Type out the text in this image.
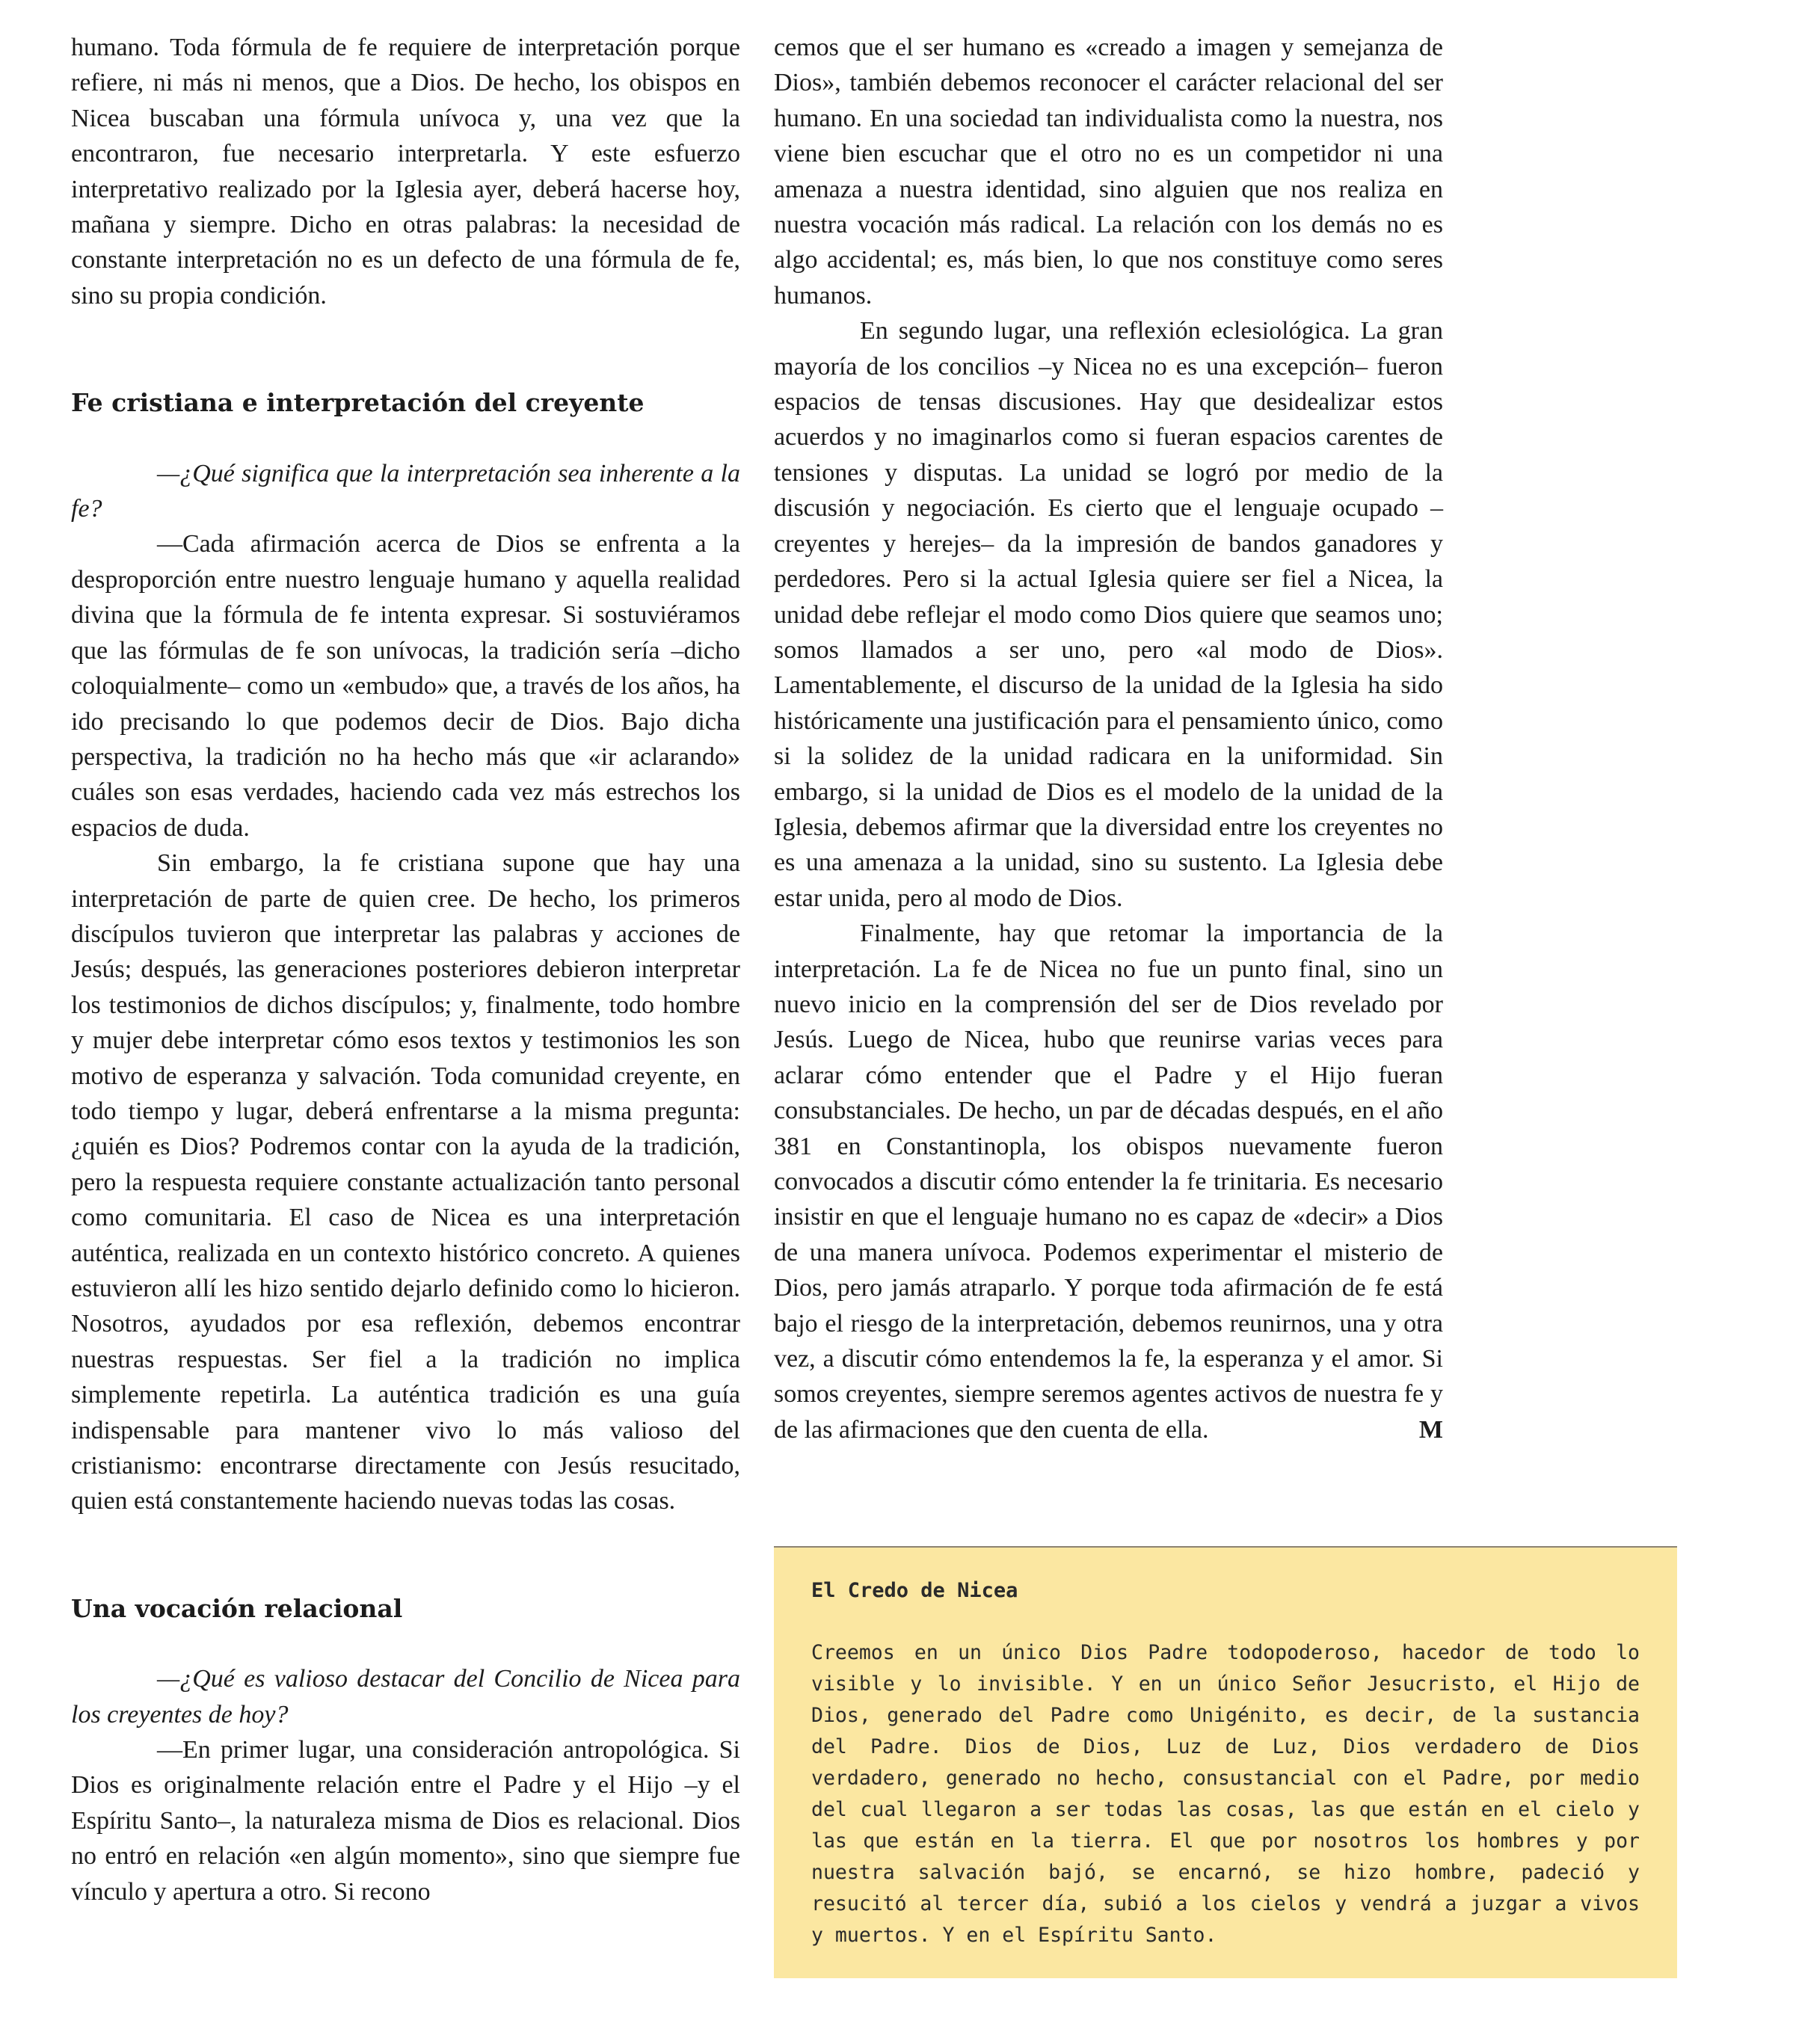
humano. Toda fórmula de fe requiere de interpretación porque refiere, ni más ni menos, que a Dios. De hecho, los obispos en Nicea buscaban una fórmula unívoca y, una vez que la encontraron, fue necesario interpretarla. Y este esfuerzo interpretativo realizado por la Iglesia ayer, deberá hacerse hoy, mañana y siempre. Dicho en otras palabras: la necesidad de constante interpretación no es un defecto de una fórmula de fe, sino su propia condición.

Fe cristiana e interpretación del creyente

—¿Qué significa que la interpretación sea inherente a la fe?

—Cada afirmación acerca de Dios se enfrenta a la desproporción entre nuestro lenguaje humano y aquella realidad divina que la fórmula de fe intenta expresar. Si sostuviéramos que las fórmulas de fe son unívocas, la tradición sería –dicho coloquialmente– como un «embudo» que, a través de los años, ha ido precisando lo que podemos decir de Dios. Bajo dicha perspectiva, la tradición no ha hecho más que «ir aclarando» cuáles son esas verdades, haciendo cada vez más estrechos los espacios de duda.

Sin embargo, la fe cristiana supone que hay una interpretación de parte de quien cree. De hecho, los primeros discípulos tuvieron que interpretar las palabras y acciones de Jesús; después, las generaciones posteriores debieron interpretar los testimonios de dichos discípulos; y, finalmente, todo hombre y mujer debe interpretar cómo esos textos y testimonios les son motivo de esperanza y salvación. Toda comunidad creyente, en todo tiempo y lugar, deberá enfrentarse a la misma pregunta: ¿quién es Dios? Podremos contar con la ayuda de la tradición, pero la respuesta requiere constante actualización tanto personal como comunitaria. El caso de Nicea es una interpretación auténtica, realizada en un contexto histórico concreto. A quienes estuvieron allí les hizo sentido dejarlo definido como lo hicieron. Nosotros, ayudados por esa reflexión, debemos encontrar nuestras respuestas. Ser fiel a la tradición no implica simplemente repetirla. La auténtica tradición es una guía indispensable para mantener vivo lo más valioso del cristianismo: encontrarse directamente con Jesús resucitado, quien está constantemente haciendo nuevas todas las cosas.

Una vocación relacional

—¿Qué es valioso destacar del Concilio de Nicea para los creyentes de hoy?

—En primer lugar, una consideración antropológica. Si Dios es originalmente relación entre el Padre y el Hijo –y el Espíritu Santo–, la naturaleza misma de Dios es relacional. Dios no entró en relación «en algún momento», sino que siempre fue vínculo y apertura a otro. Si recono

cemos que el ser humano es «creado a imagen y semejanza de Dios», también debemos reconocer el carácter relacional del ser humano. En una sociedad tan individualista como la nuestra, nos viene bien escuchar que el otro no es un competidor ni una amenaza a nuestra identidad, sino alguien que nos realiza en nuestra vocación más radical. La relación con los demás no es algo accidental; es, más bien, lo que nos constituye como seres humanos.

En segundo lugar, una reflexión eclesiológica. La gran mayoría de los concilios –y Nicea no es una excepción– fueron espacios de tensas discusiones. Hay que desidealizar estos acuerdos y no imaginarlos como si fueran espacios carentes de tensiones y disputas. La unidad se logró por medio de la discusión y negociación. Es cierto que el lenguaje ocupado –creyentes y herejes– da la impresión de bandos ganadores y perdedores. Pero si la actual Iglesia quiere ser fiel a Nicea, la unidad debe reflejar el modo como Dios quiere que seamos uno; somos llamados a ser uno, pero «al modo de Dios». Lamentablemente, el discurso de la unidad de la Iglesia ha sido históricamente una justificación para el pensamiento único, como si la solidez de la unidad radicara en la uniformidad. Sin embargo, si la unidad de Dios es el modelo de la unidad de la Iglesia, debemos afirmar que la diversidad entre los creyentes no es una amenaza a la unidad, sino su sustento. La Iglesia debe estar unida, pero al modo de Dios.

Finalmente, hay que retomar la importancia de la interpretación. La fe de Nicea no fue un punto final, sino un nuevo inicio en la comprensión del ser de Dios revelado por Jesús. Luego de Nicea, hubo que reunirse varias veces para aclarar cómo entender que el Padre y el Hijo fueran consubstanciales. De hecho, un par de décadas después, en el año 381 en Constantinopla, los obispos nuevamente fueron convocados a discutir cómo entender la fe trinitaria. Es necesario insistir en que el lenguaje humano no es capaz de «decir» a Dios de una manera unívoca. Podemos experimentar el misterio de Dios, pero jamás atraparlo. Y porque toda afirmación de fe está bajo el riesgo de la interpretación, debemos reunirnos, una y otra vez, a discutir cómo entendemos la fe, la esperanza y el amor. Si somos creyentes, siempre seremos agentes activos de nuestra fe y de las afirmaciones que den cuenta de ella.	M

El Credo de Nicea

Creemos en un único Dios Padre todopoderoso, hacedor de todo lo visible y lo invisible. Y en un único Señor Jesucristo, el Hijo de Dios, generado del Padre como Unigénito, es decir, de la sustancia del Padre. Dios de Dios, Luz de Luz, Dios verdadero de Dios verdadero, generado no hecho, consustancial con el Padre, por medio del cual llegaron a ser todas las cosas, las que están en el cielo y las que están en la tierra. El que por nosotros los hombres y por nuestra salvación bajó, se encarnó, se hizo hombre, padeció y resucitó al tercer día, subió a los cielos y vendrá a juzgar a vivos y muertos. Y en el Espíritu Santo.
